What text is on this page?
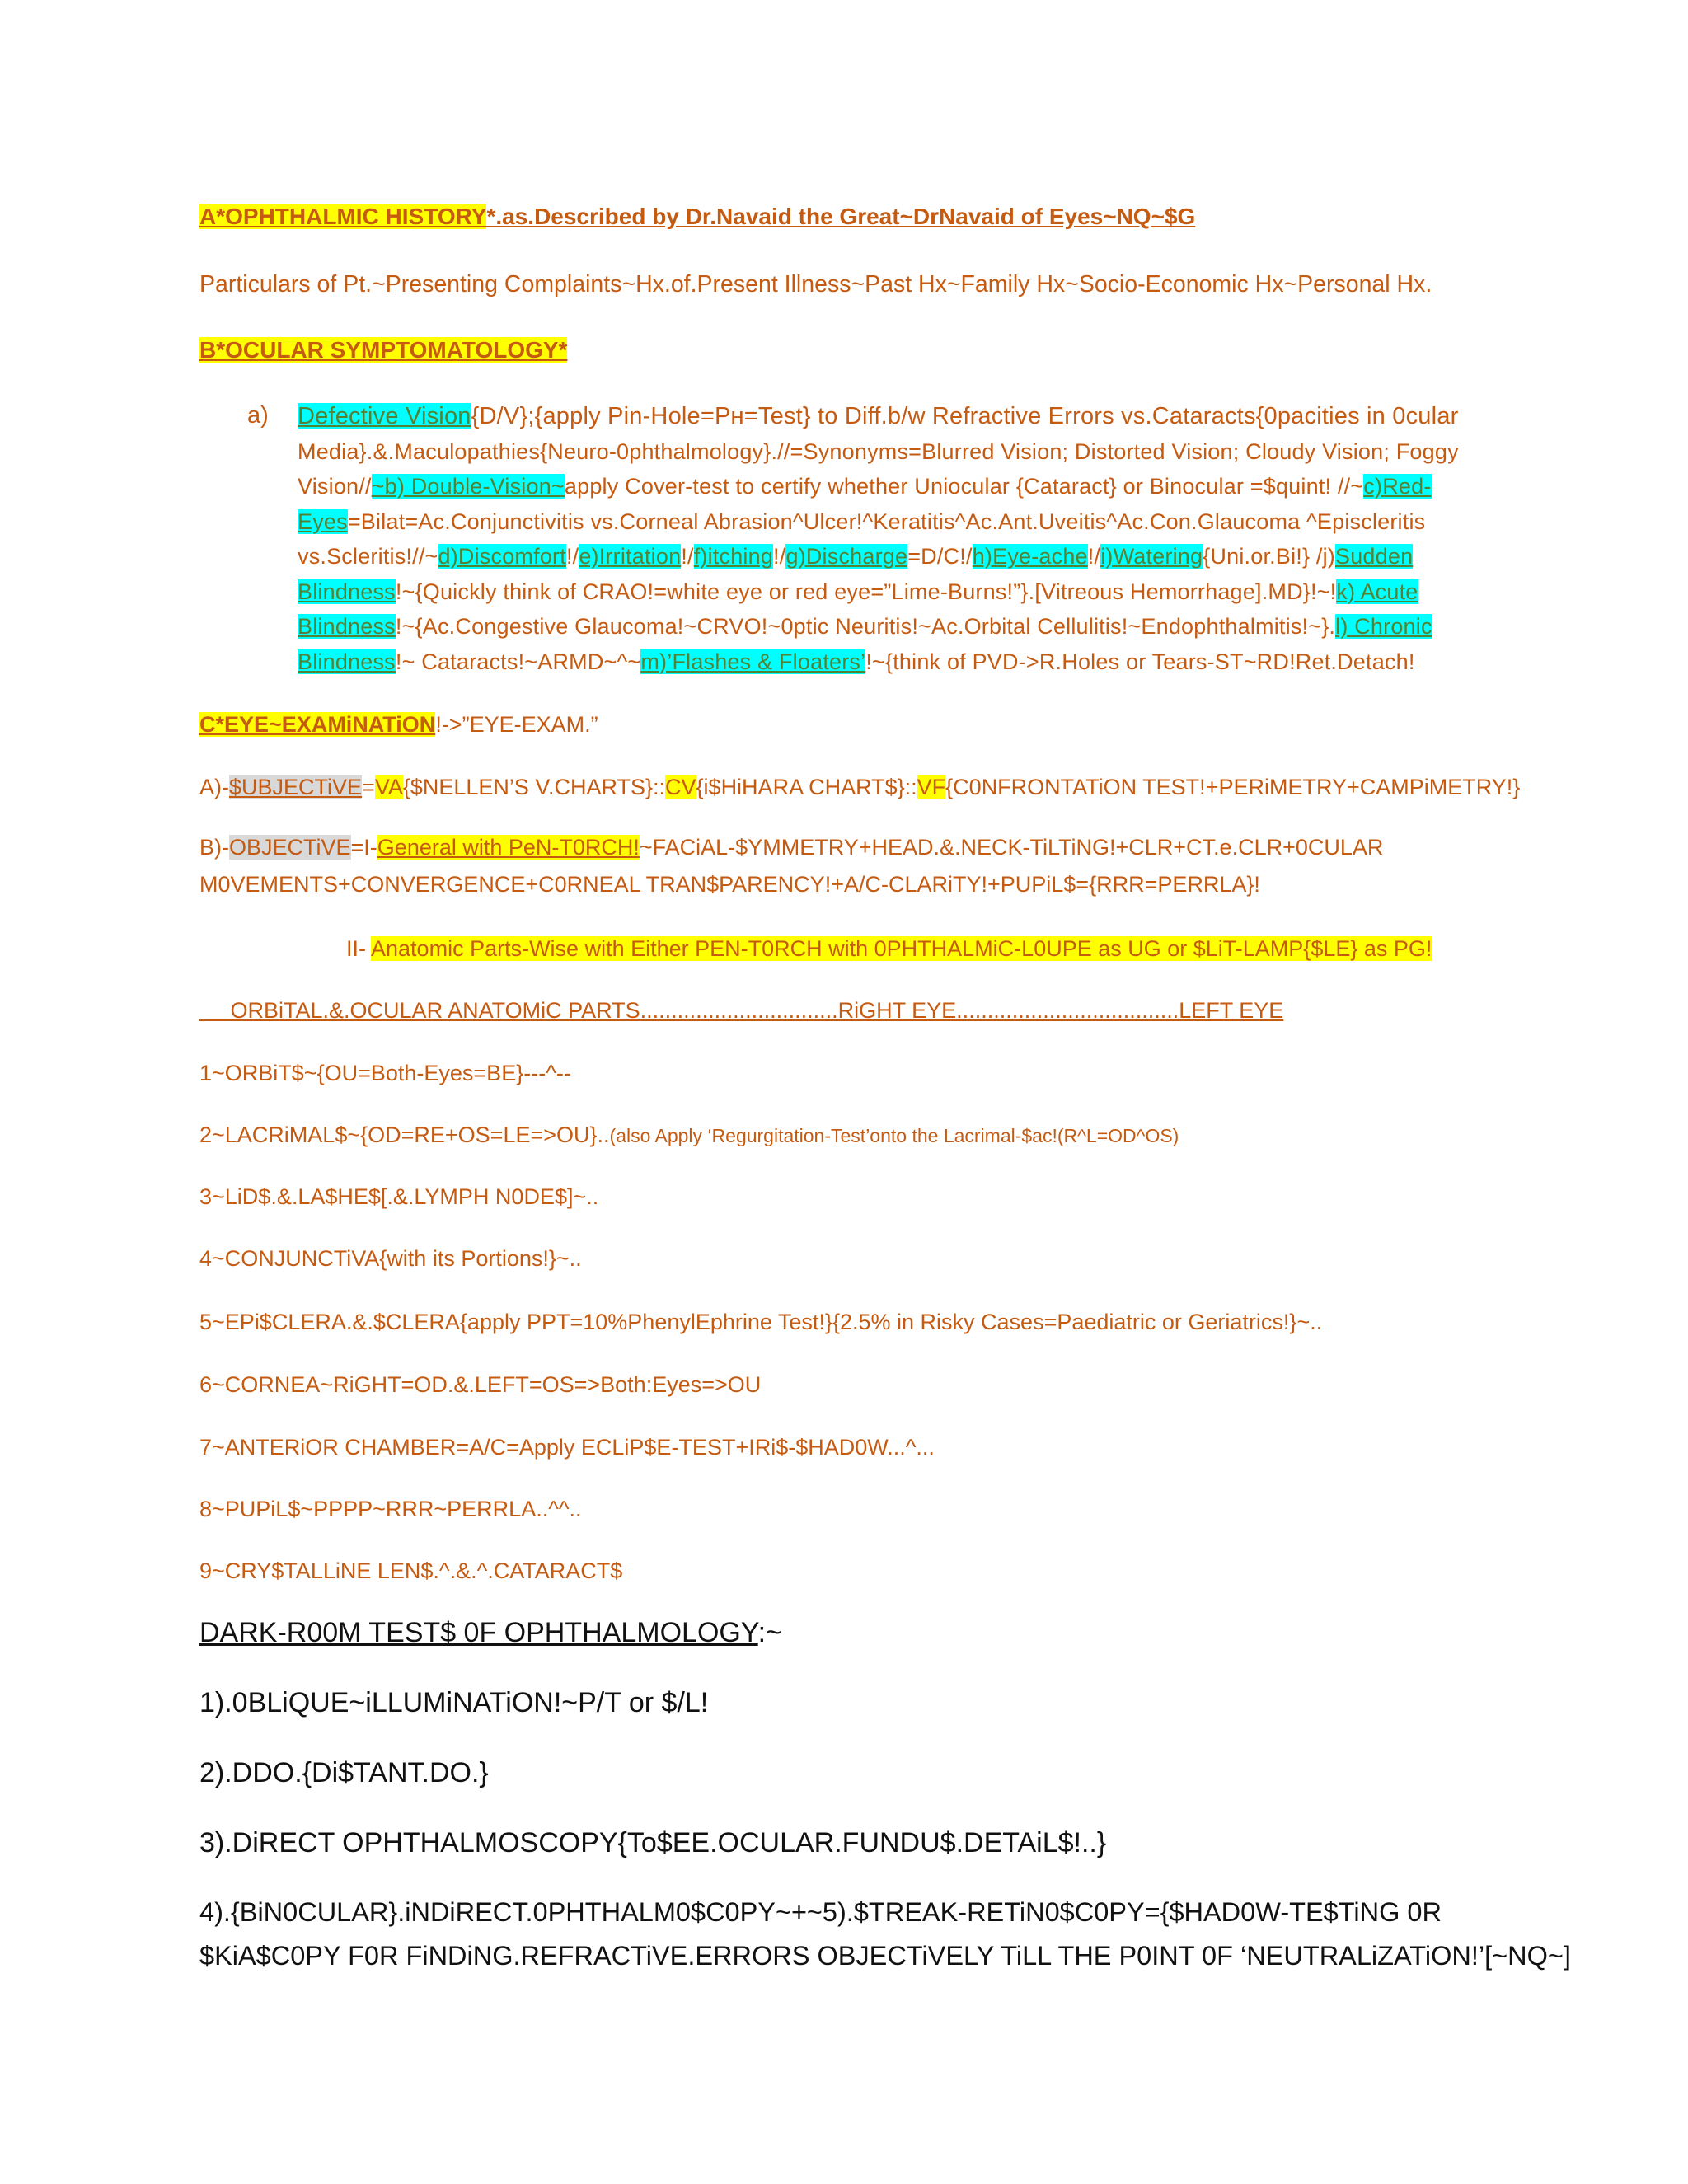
A*OPHTHALMIC HISTORY*.as.Described by Dr.Navaid the Great~DrNavaid of Eyes~NQ~$G
Particulars of Pt.~Presenting Complaints~Hx.of.Present Illness~Past Hx~Family Hx~Socio-Economic Hx~Personal Hx.
B*OCULAR SYMPTOMATOLOGY*
a) Defective Vision{D/V};{apply Pin-Hole=Pʜ=Test} to Diff.b/w Refractive Errors vs.Cataracts{0pacities in 0cular
Media}.&.Maculopathies{Neuro-0phthalmology}.//=Synonyms=Blurred Vision; Distorted Vision; Cloudy Vision; Foggy
Vision//~b) Double-Vision~apply Cover-test to certify whether Uniocular {Cataract} or Binocular =$quint! //~c)Red-
Eyes=Bilat=Ac.Conjunctivitis vs.Corneal Abrasion^Ulcer!^Keratitis^Ac.Ant.Uveitis^Ac.Con.Glaucoma ^Episcleritis
vs.Scleritis!//~d)Discomfort!/e)Irritation!/f)itching!/g)Discharge=D/C!/h)Eye-ache!/i)Watering{Uni.or.Bi!} /j)Sudden
Blindness!~{Quickly think of CRAO!=white eye or red eye=”Lime-Burns!”}.[Vitreous Hemorrhage].MD}!~!k) Acute
Blindness!~{Ac.Congestive Glaucoma!~CRVO!~0ptic Neuritis!~Ac.Orbital Cellulitis!~Endophthalmitis!~}.l) Chronic
Blindness!~ Cataracts!~ARMD~^~m)’Flashes & Floaters’!~{think of PVD->R.Holes or Tears-ST~RD!Ret.Detach!
C*EYE~EXAMiNATiON!->”EYE-EXAM.”
A)-$UBJECTiVE=VA{$NELLEN’S V.CHARTS}::CV{i$HiHARA CHART$}::VF{C0NFRONTATiON TEST!+PERiMETRY+CAMPiMETRY!}
B)-OBJECTiVE=I-General with PeN-T0RCH!~FACiAL-$YMMETRY+HEAD.&.NECK-TiLTiNG!+CLR+CT.e.CLR+0CULAR
M0VEMENTS+CONVERGENCE+C0RNEAL TRAN$PARENCY!+A/C-CLARiTY!+PUPiL$={RRR=PERRLA}!
II- Anatomic Parts-Wise with Either PEN-T0RCH with 0PHTHALMiC-L0UPE as UG or $LiT-LAMP{$LE} as PG!
ORBiTAL.&.OCULAR ANATOMiC PARTS................................RiGHT EYE....................................LEFT EYE
1~ORBiT$~{OU=Both-Eyes=BE}---^--
2~LACRiMAL$~{OD=RE+OS=LE=>OU}..(also Apply ‘Regurgitation-Test’onto the Lacrimal-$ac!(R^L=OD^OS)
3~LiD$.&.LA$HE$[.&.LYMPH N0DE$]~..
4~CONJUNCTiVA{with its Portions!}~..
5~EPi$CLERA.&.$CLERA{apply PPT=10%PhenylEphrine Test!}{2.5% in Risky Cases=Paediatric or Geriatrics!}~..
6~CORNEA~RiGHT=OD.&.LEFT=OS=>Both:Eyes=>OU
7~ANTERiOR CHAMBER=A/C=Apply ECLiP$E-TEST+IRi$-$HAD0W...^...
8~PUPiL$~PPPP~RRR~PERRLA..^^..
9~CRY$TALLiNE LEN$.^.&.^.CATARACT$
DARK-R00M TEST$ 0F OPHTHALMOLOGY:~
1).0BLiQUE~iLLUMiNATiON!~P/T or $/L!
2).DDO.{Di$TANT.DO.}
3).DiRECT OPHTHALMOSCOPY{To$EE.OCULAR.FUNDU$.DETAiL$!..}
4).{BiN0CULAR}.iNDiRECT.0PHTHALM0$C0PY~+~5).$TREAK-RETiN0$C0PY={$HAD0W-TE$TiNG 0R
$KiA$C0PY F0R FiNDiNG.REFRACTiVE.ERRORS OBJECTiVELY TiLL THE P0INT 0F ‘NEUTRALiZATiON!’[~NQ~]
